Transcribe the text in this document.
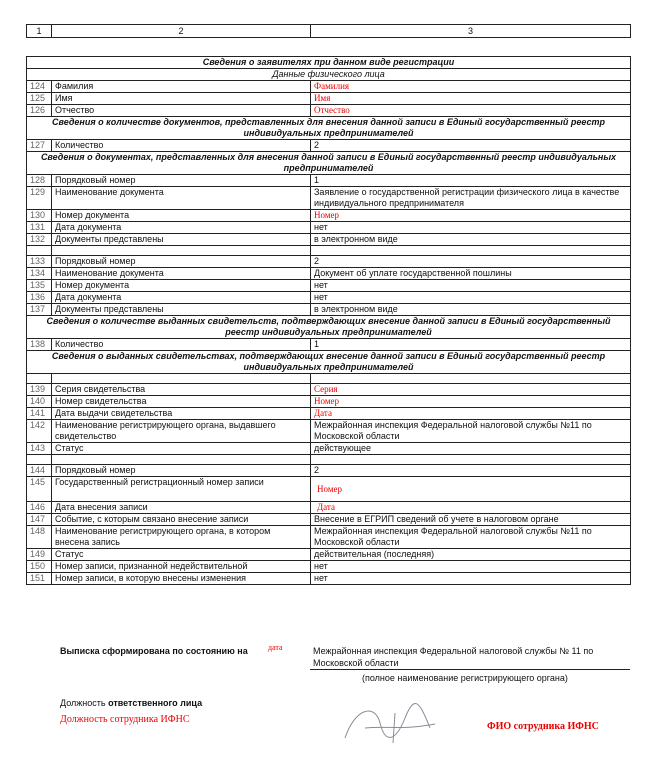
1	2	3
Сведения о заявителях при данном виде регистрации		
Данные физического лица		
124	Фамилия	Фамилия
125	Имя	Имя
126	Отчество	Отчество
Сведения о количестве документов, представленных для внесения данной записи в Единый государственный реестр индивидуальных предпринимателей		
127	Количество	2
Сведения о документах, представленных для внесения данной записи в Единый государственный реестр индивидуальных предпринимателей		
128	Порядковый номер	1
129	Наименование документа	Заявление о государственной регистрации физического лица в качестве индивидуального предпринимателя
130	Номер документа	Номер
131	Дата документа	нет
132	Документы представлены	в электронном виде

133	Порядковый номер	2
134	Наименование документа	Документ об уплате государственной пошлины
135	Номер документа	нет
136	Дата документа	нет
137	Документы представлены	в электронном виде
Сведения о количестве выданных свидетельств, подтверждающих внесение данной записи в Единый государственный реестр индивидуальных предпринимателей		
138	Количество	1
Сведения о выданных свидетельствах, подтверждающих внесение данной записи в Единый государственный реестр индивидуальных предпринимателей		

139	Серия свидетельства	Серия
140	Номер свидетельства	Номер
141	Дата выдачи свидетельства	Дата
142	Наименование регистрирующего органа, выдавшего свидетельство	Межрайонная инспекция Федеральной налоговой службы №11 по Московской области
143	Статус	действующее

144	Порядковый номер	2
145	Государственный регистрационный номер записи	Номер
146	Дата внесения записи	Дата
147	Событие, с которым связано внесение записи	Внесение в ЕГРИП сведений об учете в налоговом органе
148	Наименование регистрирующего органа, в котором внесена запись	Межрайонная инспекция Федеральной налоговой службы №11 по Московской области
149	Статус	действительная (последняя)
150	Номер записи, признанной недействительной	нет
151	Номер записи, в которую внесены изменения	нет
Выписка сформирована по состоянию на	дата	Межрайонная инспекция Федеральной налоговой службы № 11 по Московской области
(полное наименование регистрирующего органа)
Должность ответственного лица
Должность сотрудника ИФНС
ФИО сотрудника ИФНС
